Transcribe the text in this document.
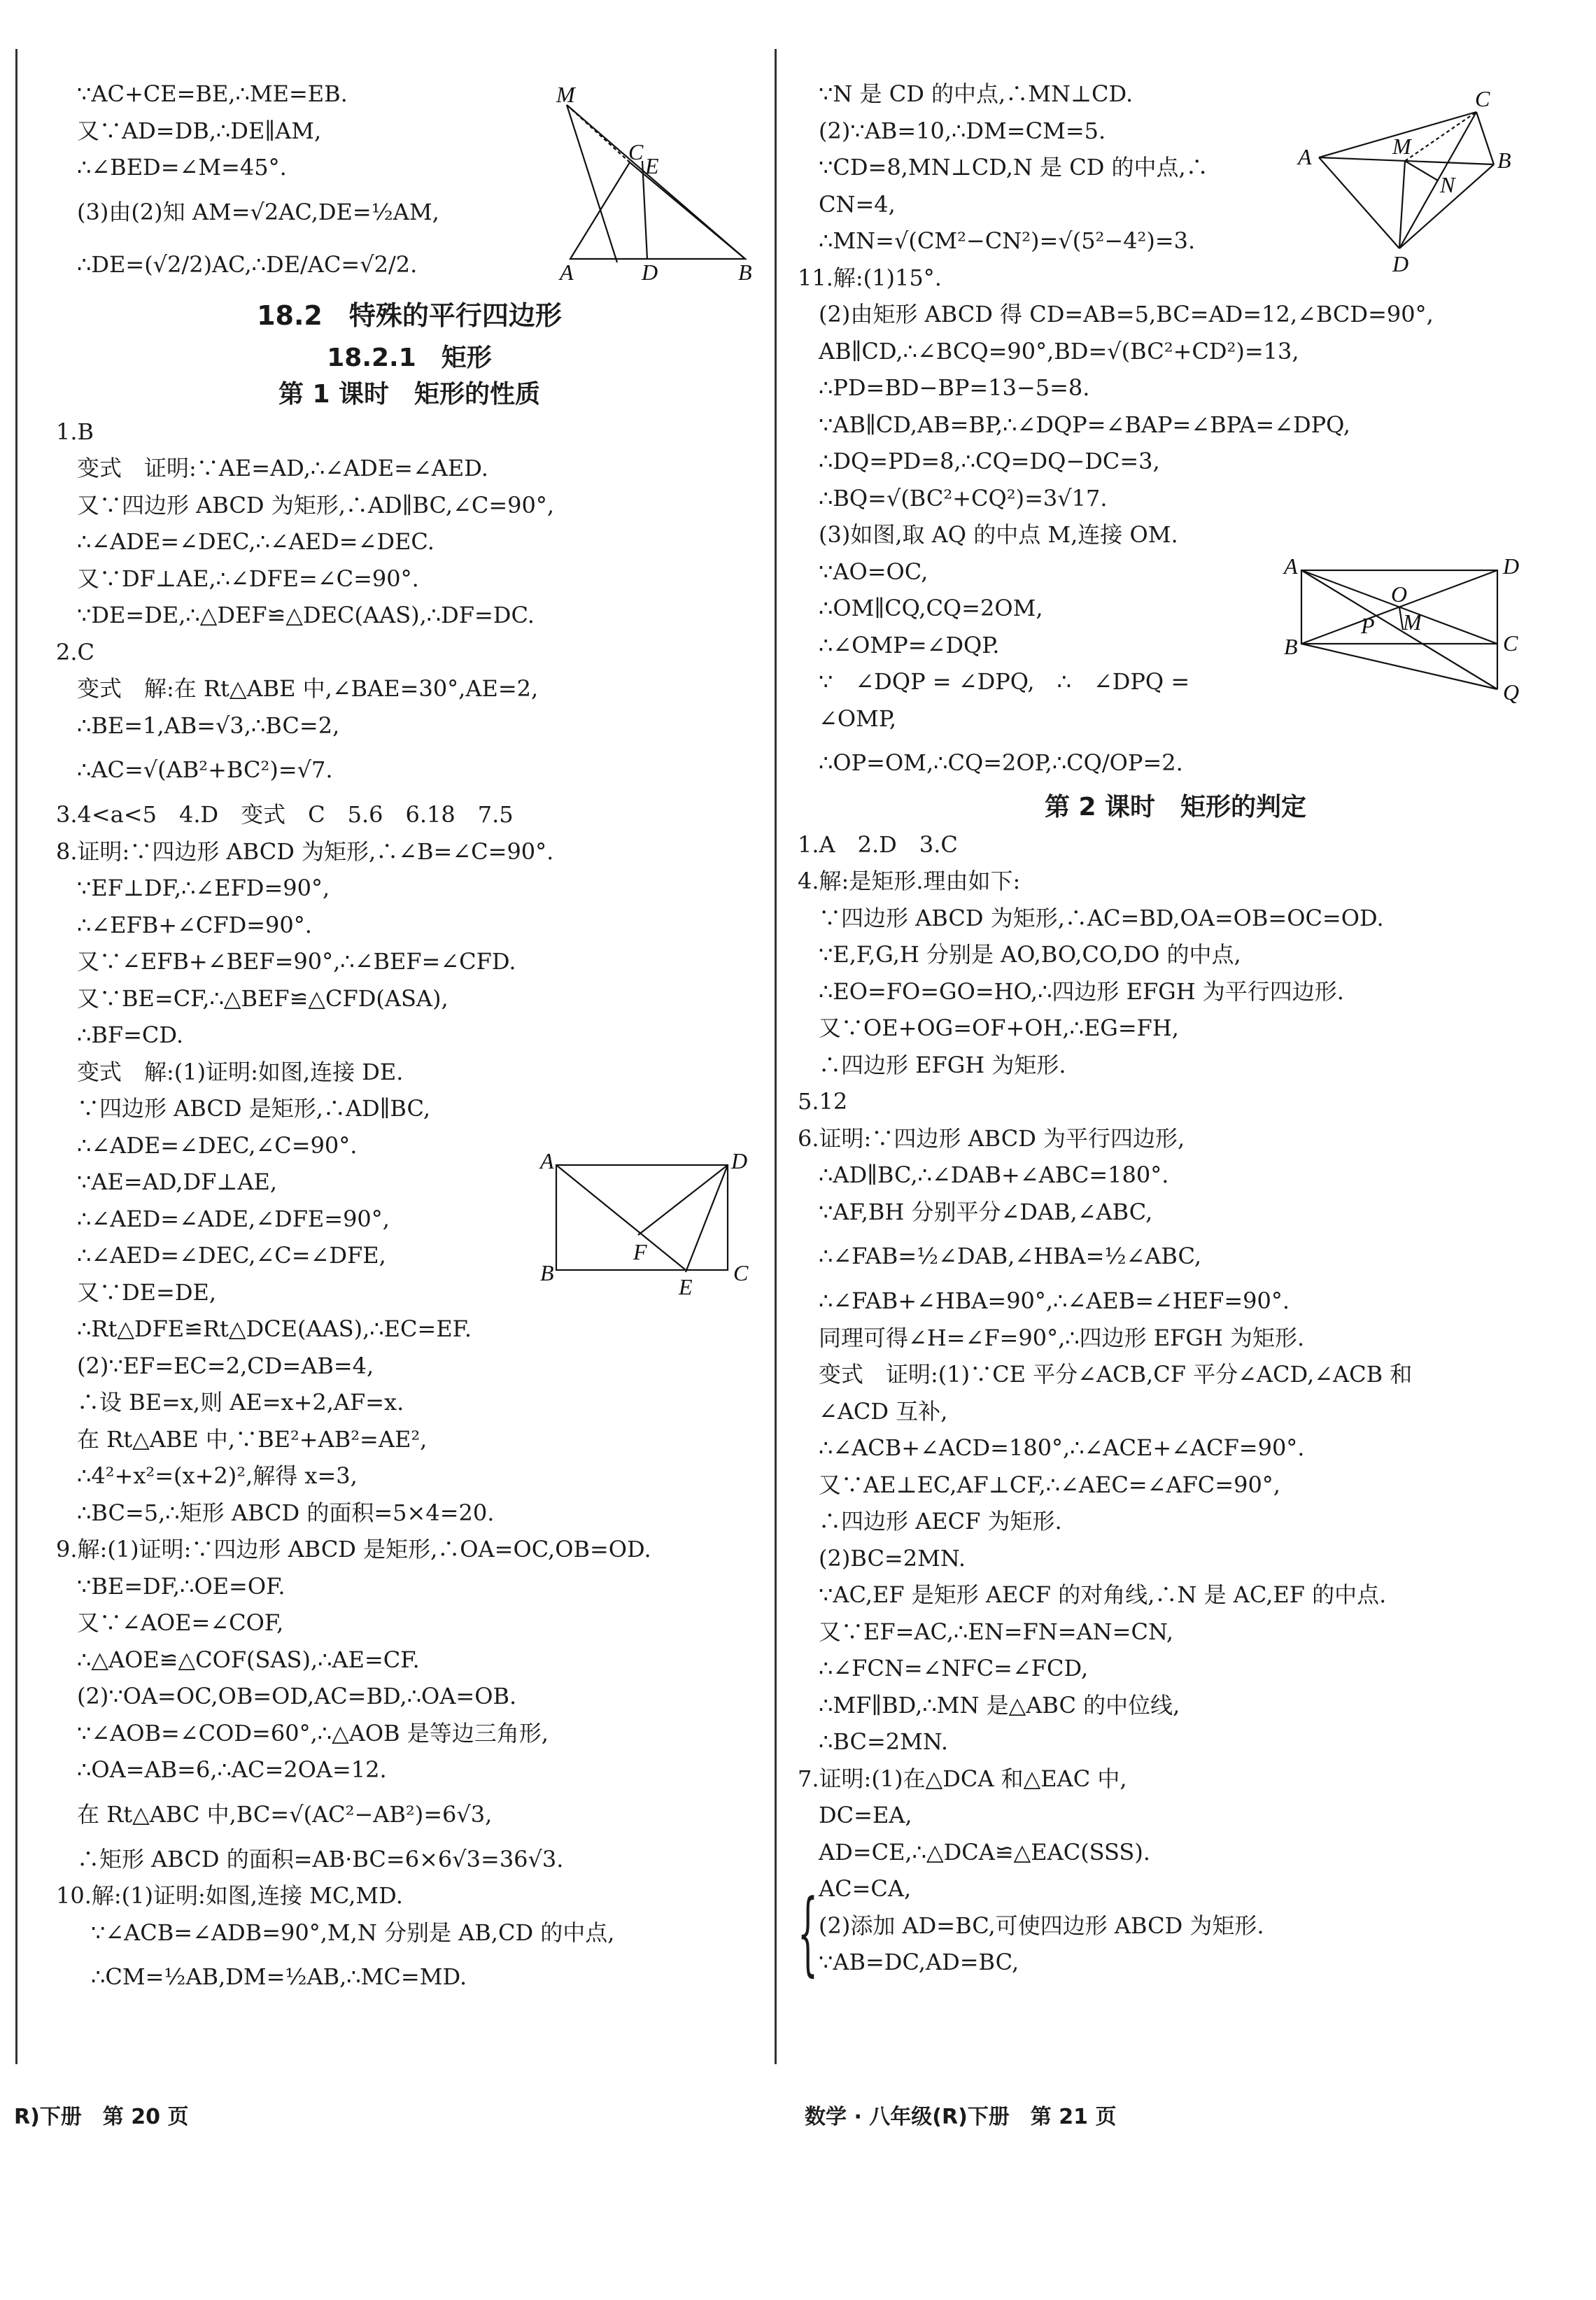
∵AC+CE=BE,∴ME=EB.
又∵AD=DB,∴DE∥AM,
∴∠BED=∠M=45°.
(3)由(2)知 AM=√2AC,DE=½AM,
∴DE=(√2/2)AC,∴DE/AC=√2/2.
18.2　特殊的平行四边形
18.2.1　矩形
第 1 课时　矩形的性质
1.B
变式　证明:∵AE=AD,∴∠ADE=∠AED.
又∵四边形 ABCD 为矩形,∴AD∥BC,∠C=90°,
∴∠ADE=∠DEC,∴∠AED=∠DEC.
又∵DF⊥AE,∴∠DFE=∠C=90°.
∵DE=DE,∴△DEF≌△DEC(AAS),∴DF=DC.
2.C
变式　解:在 Rt△ABE 中,∠BAE=30°,AE=2,
∴BE=1,AB=√3,∴BC=2,
∴AC=√(AB²+BC²)=√7.
3.4<a<5　4.D　变式　C　5.6　6.18　7.5
8.证明:∵四边形 ABCD 为矩形,∴∠B=∠C=90°.
∵EF⊥DF,∴∠EFD=90°,
∴∠EFB+∠CFD=90°.
又∵∠EFB+∠BEF=90°,∴∠BEF=∠CFD.
又∵BE=CF,∴△BEF≌△CFD(ASA),
∴BF=CD.
变式　解:(1)证明:如图,连接 DE.
∵四边形 ABCD 是矩形,∴AD∥BC,
∴∠ADE=∠DEC,∠C=90°.
∵AE=AD,DF⊥AE,
∴∠AED=∠ADE,∠DFE=90°,
∴∠AED=∠DEC,∠C=∠DFE,
又∵DE=DE,
∴Rt△DFE≌Rt△DCE(AAS),∴EC=EF.
(2)∵EF=EC=2,CD=AB=4,
∴设 BE=x,则 AE=x+2,AF=x.
在 Rt△ABE 中,∵BE²+AB²=AE²,
∴4²+x²=(x+2)²,解得 x=3,
∴BC=5,∴矩形 ABCD 的面积=5×4=20.
9.解:(1)证明:∵四边形 ABCD 是矩形,∴OA=OC,OB=OD.
∵BE=DF,∴OE=OF.
又∵∠AOE=∠COF,
∴△AOE≌△COF(SAS),∴AE=CF.
(2)∵OA=OC,OB=OD,AC=BD,∴OA=OB.
∵∠AOB=∠COD=60°,∴△AOB 是等边三角形,
∴OA=AB=6,∴AC=2OA=12.
在 Rt△ABC 中,BC=√(AC²−AB²)=6√3,
∴矩形 ABCD 的面积=AB·BC=6×6√3=36√3.
10.解:(1)证明:如图,连接 MC,MD.
∵∠ACB=∠ADB=90°,M,N 分别是 AB,CD 的中点,
∴CM=½AB,DM=½AB,∴MC=MD.
∵N 是 CD 的中点,∴MN⊥CD.
(2)∵AB=10,∴DM=CM=5.
∵CD=8,MN⊥CD,N 是 CD 的中点,∴
CN=4,
∴MN=√(CM²−CN²)=√(5²−4²)=3.
11.解:(1)15°.
(2)由矩形 ABCD 得 CD=AB=5,BC=AD=12,∠BCD=90°,
AB∥CD,∴∠BCQ=90°,BD=√(BC²+CD²)=13,
∴PD=BD−BP=13−5=8.
∵AB∥CD,AB=BP,∴∠DQP=∠BAP=∠BPA=∠DPQ,
∴DQ=PD=8,∴CQ=DQ−DC=3,
∴BQ=√(BC²+CQ²)=3√17.
(3)如图,取 AQ 的中点 M,连接 OM.
∵AO=OC,
∴OM∥CQ,CQ=2OM,
∴∠OMP=∠DQP.
∵　∠DQP = ∠DPQ,　∴　∠DPQ =
∠OMP,
∴OP=OM,∴CQ=2OP,∴CQ/OP=2.
第 2 课时　矩形的判定
1.A　2.D　3.C
4.解:是矩形.理由如下:
∵四边形 ABCD 为矩形,∴AC=BD,OA=OB=OC=OD.
∵E,F,G,H 分别是 AO,BO,CO,DO 的中点,
∴EO=FO=GO=HO,∴四边形 EFGH 为平行四边形.
又∵OE+OG=OF+OH,∴EG=FH,
∴四边形 EFGH 为矩形.
5.12
6.证明:∵四边形 ABCD 为平行四边形,
∴AD∥BC,∴∠DAB+∠ABC=180°.
∵AF,BH 分别平分∠DAB,∠ABC,
∴∠FAB=½∠DAB,∠HBA=½∠ABC,
∴∠FAB+∠HBA=90°,∴∠AEB=∠HEF=90°.
同理可得∠H=∠F=90°,∴四边形 EFGH 为矩形.
变式　证明:(1)∵CE 平分∠ACB,CF 平分∠ACD,∠ACB 和
∠ACD 互补,
∴∠ACB+∠ACD=180°,∴∠ACE+∠ACF=90°.
又∵AE⊥EC,AF⊥CF,∴∠AEC=∠AFC=90°,
∴四边形 AECF 为矩形.
(2)BC=2MN.
∵AC,EF 是矩形 AECF 的对角线,∴N 是 AC,EF 的中点.
又∵EF=AC,∴EN=FN=AN=CN,
∴∠FCN=∠NFC=∠FCD,
∴MF∥BD,∴MN 是△ABC 的中位线,
∴BC=2MN.
7.证明:(1)在△DCA 和△EAC 中,
DC=EA,
AD=CE,∴△DCA≌△EAC(SSS).
AC=CA,
(2)添加 AD=BC,可使四边形 ABCD 为矩形.
∵AB=DC,AD=BC,
{
M
C
E
A	D	B
A	D
B
F
E
C
A
C
M
B
N
D
A	D
O
P M
B	C
Q
R)下册　第 20 页	数学 · 八年级(R)下册　第 21 页
